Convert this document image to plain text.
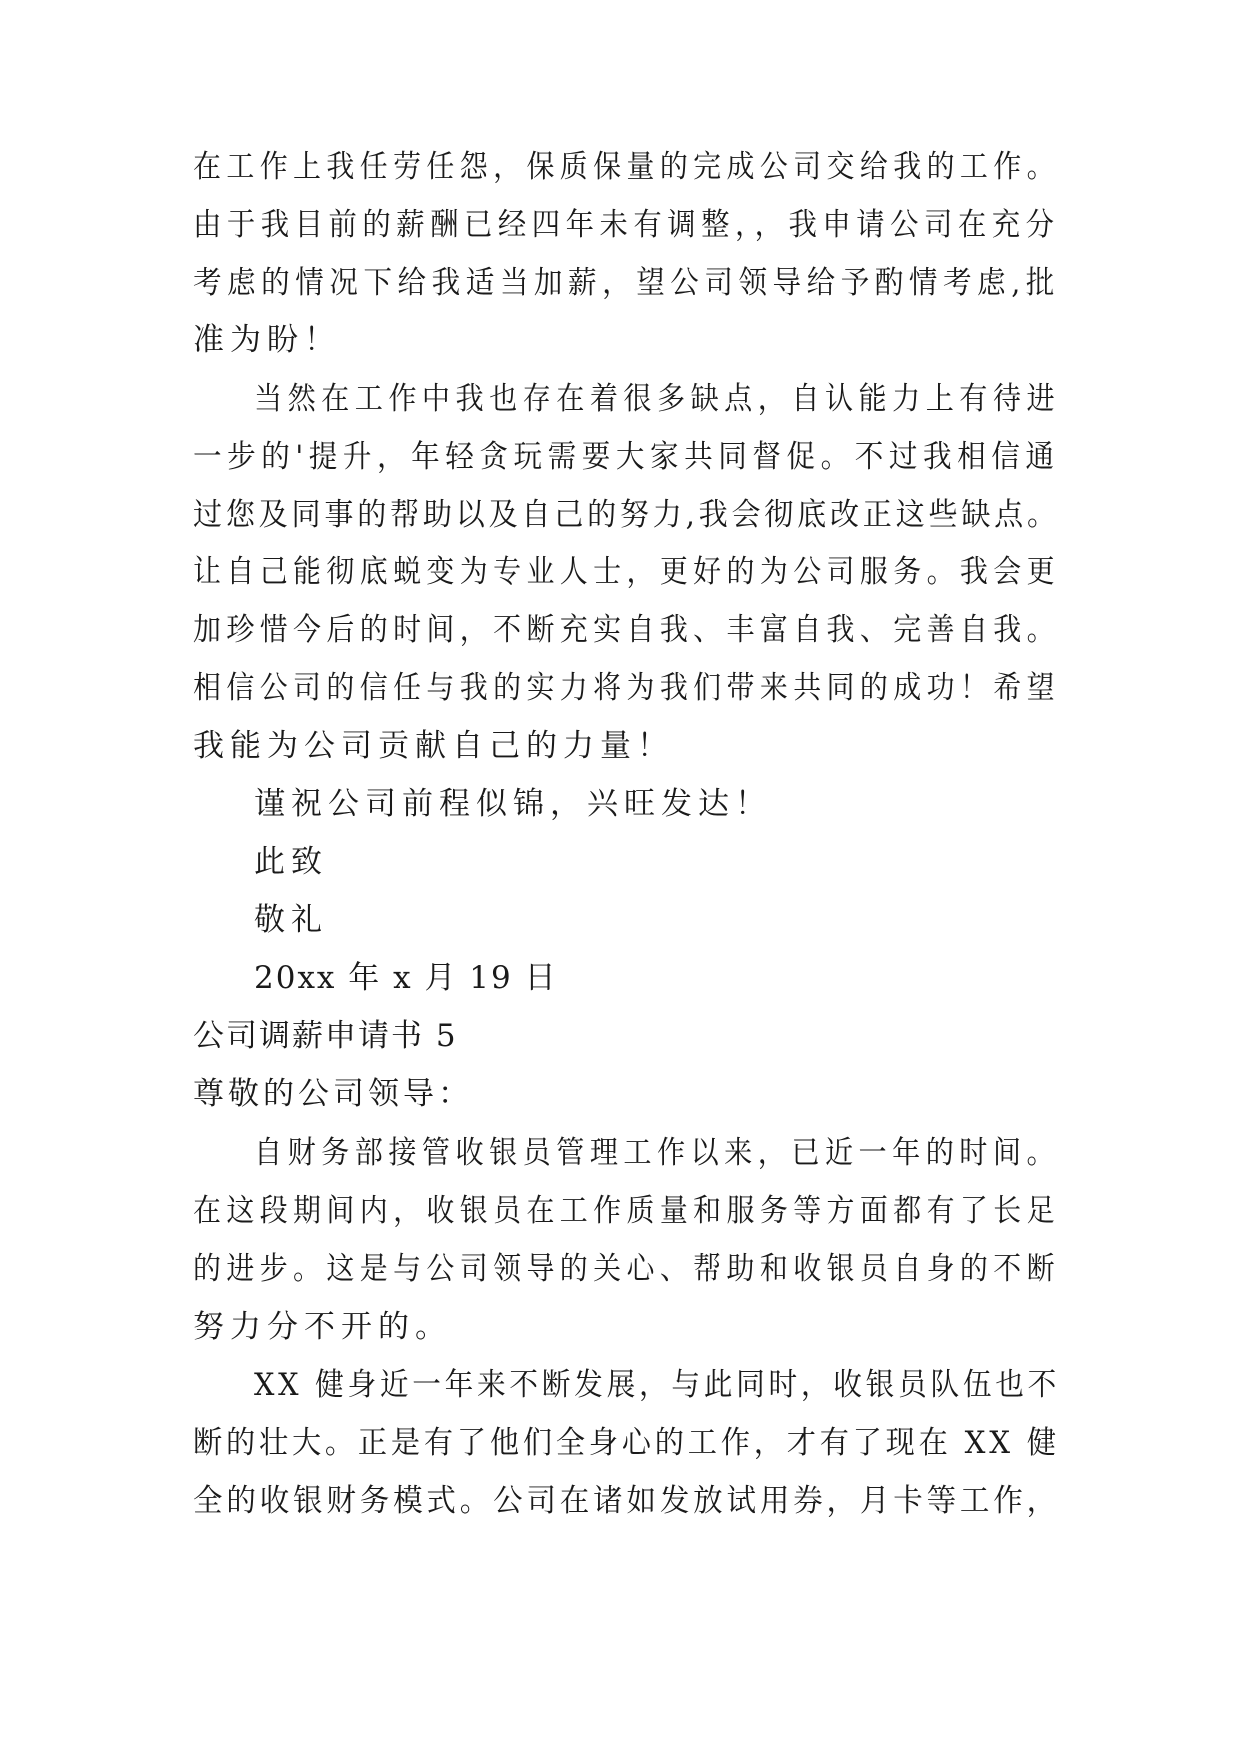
在工作上我任劳任怨，保质保量的完成公司交给我的工作。
由于我目前的薪酬已经四年未有调整，，我申请公司在充分
考虑的情况下给我适当加薪，望公司领导给予酌情考虑,批
准为盼！
当然在工作中我也存在着很多缺点，自认能力上有待进
一步的'提升，年轻贪玩需要大家共同督促。不过我相信通
过您及同事的帮助以及自己的努力,我会彻底改正这些缺点。
让自己能彻底蜕变为专业人士，更好的为公司服务。我会更
加珍惜今后的时间，不断充实自我、丰富自我、完善自我。
相信公司的信任与我的实力将为我们带来共同的成功！希望
我能为公司贡献自己的力量！
谨祝公司前程似锦，兴旺发达！
此致
敬礼
20xx 年 x 月 19 日
公司调薪申请书 5
尊敬的公司领导：
自财务部接管收银员管理工作以来，已近一年的时间。
在这段期间内，收银员在工作质量和服务等方面都有了长足
的进步。这是与公司领导的关心、帮助和收银员自身的不断
努力分不开的。
XX 健身近一年来不断发展，与此同时，收银员队伍也不
断的壮大。正是有了他们全身心的工作，才有了现在 XX 健
全的收银财务模式。公司在诸如发放试用券，月卡等工作，
